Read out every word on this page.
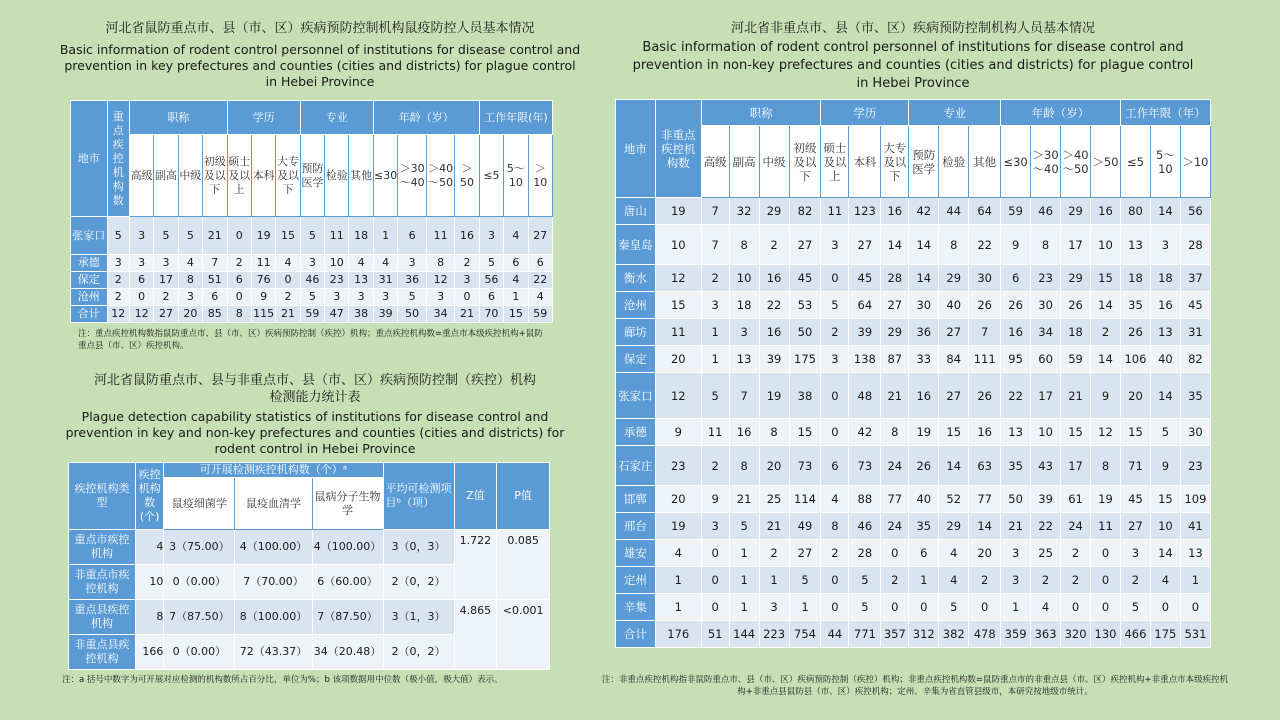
河北省鼠防重点市、县（市、区）疾病预防控制机构鼠疫防控人员基本情况
Basic information of rodent control personnel of institutions for disease control and
prevention in key prefectures and counties (cities and districts) for plague control
in Hebei Province
地市	重点疾控机构数	职称				学历			专业			年龄（岁）				工作年限(年)		
		高级	副高	中级	初级及以下	硕士及以上	本科	大专及以下	预防医学	检验	其他	≤30	＞30～40	＞40～50	＞50	≤5	5～10	＞10
张家口	5	3	5	5	21	0	19	15	5	11	18	1	6	11	16	3	4	27
承德	3	3	3	4	7	2	11	4	3	10	4	4	3	8	2	5	6	6
保定	2	6	17	8	51	6	76	0	46	23	13	31	36	12	3	56	4	22
沧州	2	0	2	3	6	0	9	2	5	3	3	3	5	3	0	6	1	4
合计	12	12	27	20	85	8	115	21	59	47	38	39	50	34	21	70	15	59
注：重点疾控机构数指鼠防重点市、县（市、区）疾病预防控制（疾控）机构；重点疾控机构数=重点市本级疾控机构+鼠防重点县（市、区）疾控机构。
河北省鼠防重点市、县与非重点市、县（市、区）疾病预防控制（疾控）机构
检测能力统计表
Plague detection capability statistics of institutions for disease control and
prevention in key and non-key prefectures and counties (cities and districts) for
rodent control in Hebei Province
疾控机构类型	疾控机构数(个)	可开展检测疾控机构数（个）ᵃ			平均可检测项目ᵇ（项）	Z值	P值
		鼠疫细菌学	鼠疫血清学	鼠病分子生物学			
重点市疾控机构	4	3（75.00）	4（100.00）	4（100.00）	3（0，3）	1.722	0.085
非重点市疾控机构	10	0（0.00）	7（70.00）	6（60.00）	2（0，2）		
重点县疾控机构	8	7（87.50）	8（100.00）	7（87.50）	3（1，3）	4.865	<0.001
非重点县疾控机构	166	0（0.00）	72（43.37）	34（20.48）	2（0，2）		
注：a 括号中数字为可开展对应检测的机构数所占百分比，单位为%；b 该项数据用中位数（极小值，极大值）表示。
河北省非重点市、县（市、区）疾病预防控制机构人员基本情况
Basic information of rodent control personnel of institutions for disease control and
prevention in non-key prefectures and counties (cities and districts) for plague control
in Hebei Province
地市	非重点疾控机构数	职称				学历			专业			年龄（岁）				工作年限（年）		
		高级	副高	中级	初级及以下	硕士及以上	本科	大专及以下	预防医学	检验	其他	≤30	＞30～40	＞40～50	＞50	≤5	5～10	＞10
唐山	19	7	32	29	82	11	123	16	42	44	64	59	46	29	16	80	14	56
秦皇岛	10	7	8	2	27	3	27	14	14	8	22	9	8	17	10	13	3	28
衡水	12	2	10	16	45	0	45	28	14	29	30	6	23	29	15	18	18	37
沧州	15	3	18	22	53	5	64	27	30	40	26	26	30	26	14	35	16	45
廊坊	11	1	3	16	50	2	39	29	36	27	7	16	34	18	2	26	13	31
保定	20	1	13	39	175	3	138	87	33	84	111	95	60	59	14	106	40	82
张家口	12	5	7	19	38	0	48	21	16	27	26	22	17	21	9	20	14	35
承德	9	11	16	8	15	0	42	8	19	15	16	13	10	15	12	15	5	30
石家庄	23	2	8	20	73	6	73	24	26	14	63	35	43	17	8	71	9	23
邯郸	20	9	21	25	114	4	88	77	40	52	77	50	39	61	19	45	15	109
邢台	19	3	5	21	49	8	46	24	35	29	14	21	22	24	11	27	10	41
雄安	4	0	1	2	27	2	28	0	6	4	20	3	25	2	0	3	14	13
定州	1	0	1	1	5	0	5	2	1	4	2	3	2	2	0	2	4	1
辛集	1	0	1	3	1	0	5	0	0	5	0	1	4	0	0	5	0	0
合计	176	51	144	223	754	44	771	357	312	382	478	359	363	320	130	466	175	531
注：非重点疾控机构指非鼠防重点市、县（市、区）疾病预防控制（疾控）机构；非重点疾控机构数=鼠防重点市的非重点县（市、区）疾控机构+非重点市本级疾控机构+非重点县鼠防县（市、区）疾控机构；定州、辛集为省直管县级市，本研究按地级市统计。
